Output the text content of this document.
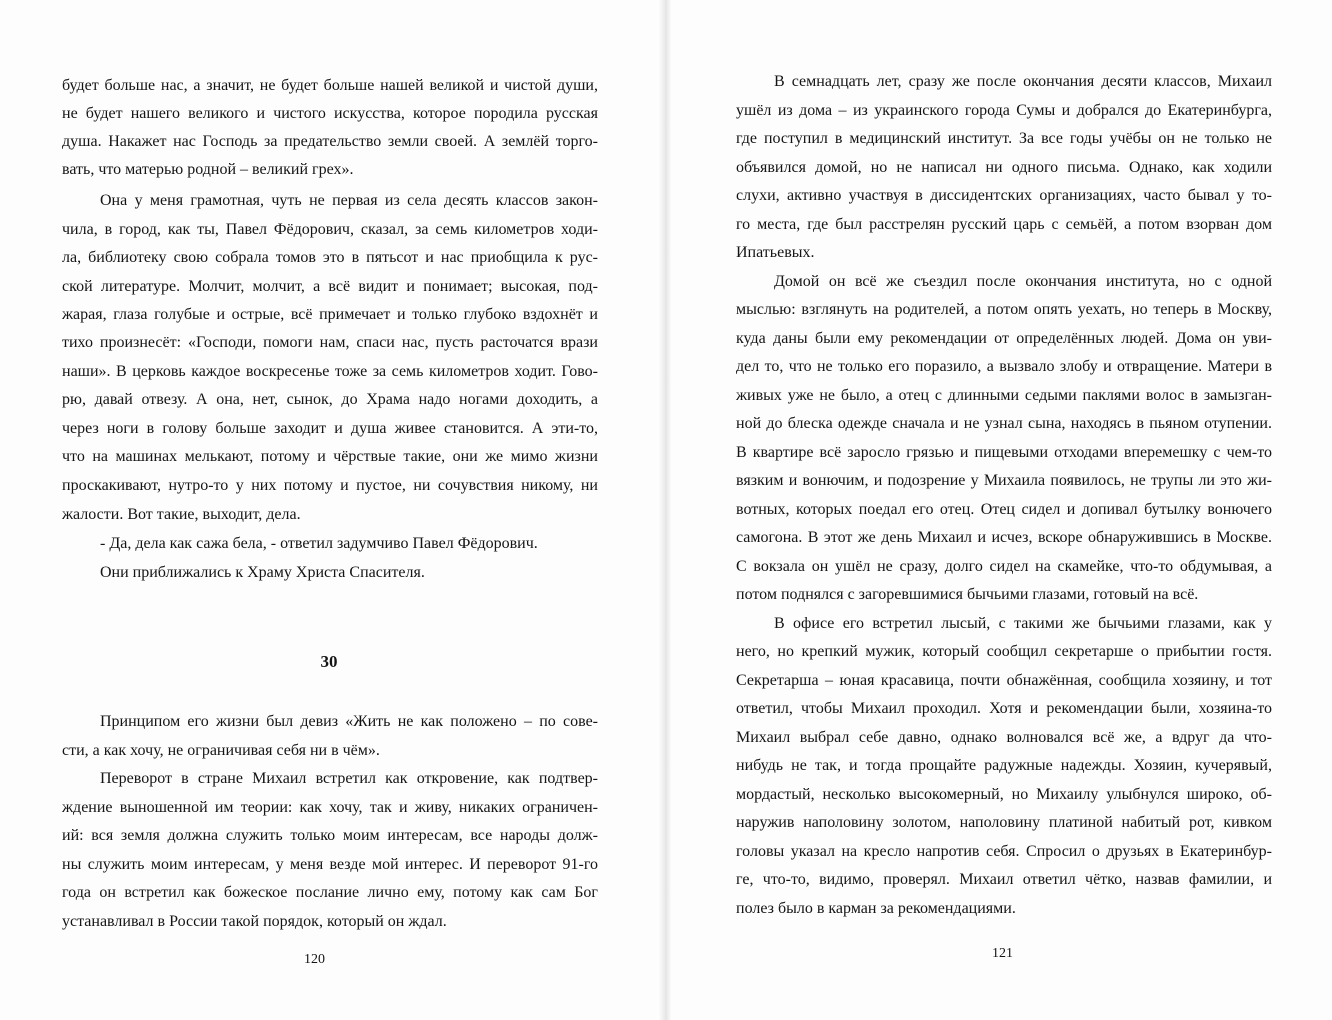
будет больше нас, а значит, не будет больше нашей великой и чистой души,
не будет нашего великого и чистого искусства, которое породила русская
душа. Накажет нас Господь за предательство земли своей. А землёй торго-
вать, что матерью родной – великий грех».
Она у меня грамотная, чуть не первая из села десять классов закон-
чила, в город, как ты, Павел Фёдорович, сказал, за семь километров ходи-
ла, библиотеку свою собрала томов это в пятьсот и нас приобщила к рус-
ской литературе. Молчит, молчит, а всё видит и понимает; высокая, под-
жарая, глаза голубые и острые, всё примечает и только глубоко вздохнёт и
тихо произнесёт: «Господи, помоги нам, спаси нас, пусть расточатся врази
наши». В церковь каждое воскресенье тоже за семь километров ходит. Гово-
рю, давай отвезу. А она, нет, сынок, до Храма надо ногами доходить, а
через ноги в голову больше заходит и душа живее становится. А эти-то,
что на машинах мелькают, потому и чёрствые такие, они же мимо жизни
проскакивают, нутро-то у них потому и пустое, ни сочувствия никому, ни
жалости. Вот такие, выходит, дела.
- Да, дела как сажа бела, - ответил задумчиво Павел Фёдорович.
Они приближались к Храму Христа Спасителя.
30
Принципом его жизни был девиз «Жить не как положено – по сове-
сти, а как хочу, не ограничивая себя ни в чём».
Переворот в стране Михаил встретил как откровение, как подтвер-
ждение выношенной им теории: как хочу, так и живу, никаких ограничен-
ий: вся земля должна служить только моим интересам, все народы долж-
ны служить моим интересам, у меня везде мой интерес. И переворот 91-го
года он встретил как божеское послание лично ему, потому как сам Бог
устанавливал в России такой порядок, который он ждал.
120
В семнадцать лет, сразу же после окончания десяти классов, Михаил
ушёл из дома – из украинского города Сумы и добрался до Екатеринбурга,
где поступил в медицинский институт. За все годы учёбы он не только не
объявился домой, но не написал ни одного письма. Однако, как ходили
слухи, активно участвуя в диссидентских организациях, часто бывал у то-
го места, где был расстрелян русский царь с семьёй, а потом взорван дом
Ипатьевых.
Домой он всё же съездил после окончания института, но с одной
мыслью: взглянуть на родителей, а потом опять уехать, но теперь в Москву,
куда даны были ему рекомендации от определённых людей. Дома он уви-
дел то, что не только его поразило, а вызвало злобу и отвращение. Матери в
живых уже не было, а отец с длинными седыми паклями волос в замызган-
ной до блеска одежде сначала и не узнал сына, находясь в пьяном отупении.
В квартире всё заросло грязью и пищевыми отходами вперемешку с чем-то
вязким и вонючим, и подозрение у Михаила появилось, не трупы ли это жи-
вотных, которых поедал его отец. Отец сидел и допивал бутылку вонючего
самогона. В этот же день Михаил и исчез, вскоре обнаружившись в Москве.
С вокзала он ушёл не сразу, долго сидел на скамейке, что-то обдумывая, а
потом поднялся с загоревшимися бычьими глазами, готовый на всё.
В офисе его встретил лысый, с такими же бычьими глазами, как у
него, но крепкий мужик, который сообщил секретарше о прибытии гостя.
Секретарша – юная красавица, почти обнажённая, сообщила хозяину, и тот
ответил, чтобы Михаил проходил. Хотя и рекомендации были, хозяина-то
Михаил выбрал себе давно, однако волновался всё же, а вдруг да что-
нибудь не так, и тогда прощайте радужные надежды. Хозяин, кучерявый,
мордастый, несколько высокомерный, но Михаилу улыбнулся широко, об-
наружив наполовину золотом, наполовину платиной набитый рот, кивком
головы указал на кресло напротив себя. Спросил о друзьях в Екатеринбур-
ге, что-то, видимо, проверял. Михаил ответил чётко, назвав фамилии, и
полез было в карман за рекомендациями.
121
